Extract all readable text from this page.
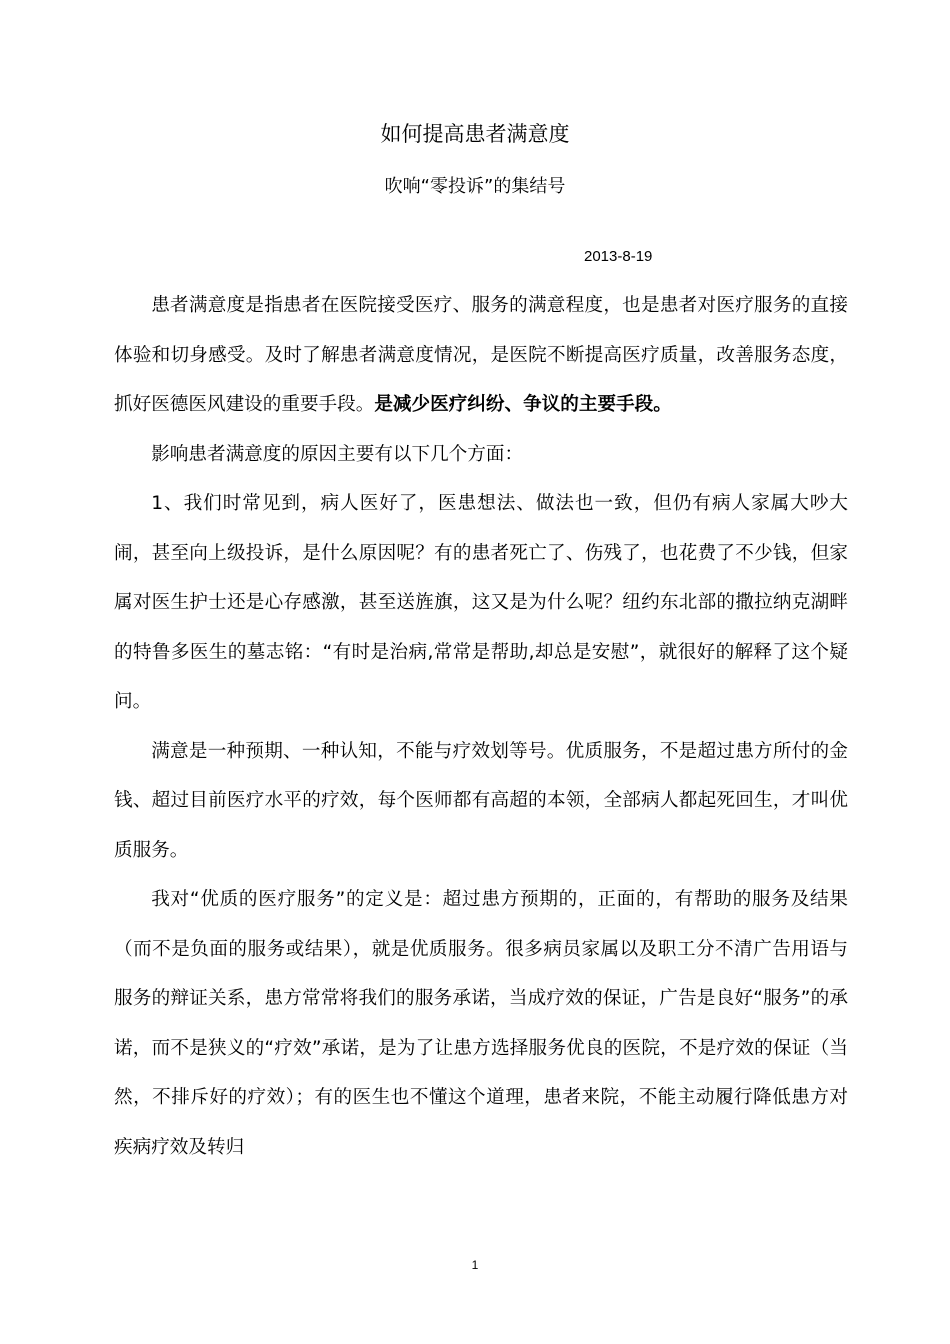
如何提高患者满意度
吹响“零投诉”的集结号
2013-8-19

患者满意度是指患者在医院接受医疗、服务的满意程度，也是患者对医疗服务的直接体验和切身感受。及时了解患者满意度情况，是医院不断提高医疗质量，改善服务态度，抓好医德医风建设的重要手段。是减少医疗纠纷、争议的主要手段。

影响患者满意度的原因主要有以下几个方面：

1、我们时常见到，病人医好了，医患想法、做法也一致，但仍有病人家属大吵大闹，甚至向上级投诉，是什么原因呢？有的患者死亡了、伤残了，也花费了不少钱，但家属对医生护士还是心存感激，甚至送旌旗，这又是为什么呢？纽约东北部的撒拉纳克湖畔的特鲁多医生的墓志铭：“有时是治病,常常是帮助,却总是安慰”，就很好的解释了这个疑问。

满意是一种预期、一种认知，不能与疗效划等号。优质服务，不是超过患方所付的金钱、超过目前医疗水平的疗效，每个医师都有高超的本领，全部病人都起死回生，才叫优质服务。

我对“优质的医疗服务”的定义是：超过患方预期的，正面的，有帮助的服务及结果（而不是负面的服务或结果），就是优质服务。很多病员家属以及职工分不清广告用语与服务的辩证关系，患方常常将我们的服务承诺，当成疗效的保证，广告是良好“服务”的承诺，而不是狭义的“疗效”承诺，是为了让患方选择服务优良的医院，不是疗效的保证（当然，不排斥好的疗效）；有的医生也不懂这个道理，患者来院，不能主动履行降低患方对疾病疗效及转归

1
